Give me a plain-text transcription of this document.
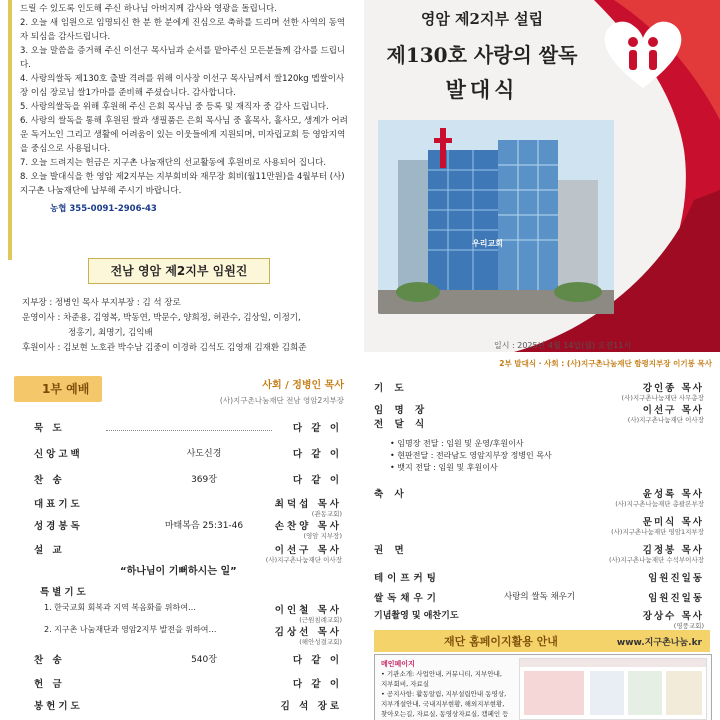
드릴 수 있도록 인도해 주신 하나님 아버지께 감사와 영광을 돌립니다.

2. 오늘 새 임원으로 임명되신 한 분 한 분에게 진심으로 축하를 드리며 선한 사역의 동역자 되심을 감사드립니다.

3. 오늘 말씀을 증거해 주신 이선구 목사님과 순서를 맡아주신 모든분들께 감사를 드립니다.

4. 사랑의쌀독 제130호 출발 격려를 위해 이사장 이선구 목사님께서 쌀120kg 멥쌀이사장 이심 장로님 쌀1가마를 준비해 주셨습니다. 감사합니다.

5. 사랑의쌀독을 위해 후원해 주신 은회 목사님 중 등록 및 재직자 중 감사 드립니다.

6. 사랑의 쌀독을 통해 후원된 쌀과 생필품은 은회 목사님 중 홀목사, 홀사모, 생계가 어려운 독거노인 그리고 생활에 어려움이 있는 이웃들에게 지원되며, 미자립교회 등 영암지역을 중심으로 사용됩니다.

7. 오늘 드려지는 헌금은 지구촌 나눔재단의 선교활동에 후원비로 사용되어 집니다.

8. 오늘 발대식을 한 영암 제2지부는 지부회비와 재무장 회비(월11만원)을 4월부터 (사)지구촌 나눔재단에 납부해 주시기 바랍니다.

농협 355-0091-2906-43

전남 영암 제2지부 임원진
지부장 : 정병인 목사 부지부장 : 김 석 장로
운영이사 : 차준용, 김영복, 박동연, 박문수, 양희정, 허관수, 김상일, 이정기,
정홍기, 최명기, 김익배
후원이사 : 김보현 노호관 박수남 김중이 이경하 김석도 김영재 김재환 김희준
영암 제2지부 설립
제130호 사랑의 쌀독
발대식
우리교회
일시 : 2025년 4월 14일(월) 오전11시
1부 예배	사회 / 정병인 목사
(사)지구촌나눔재단 전남 영암2지부장
묵 도	다 같 이
신앙고백	사도신경	다 같 이
찬 송	369장	다 같 이
대표기도	최덕섭 목사
(관동교회)
성경봉독	마태복음 25:31-46	손찬양 목사
(영암 지부장)
설 교	이선구 목사
(사)지구촌나눔재단 이사장
“하나님이 기뻐하시는 일”
특별기도
1. 한국교회 회복과 지역 복음화를 위하여…	이인철 목사
(근원침례교회)
2. 지구촌 나눔재단과 영암2지부 발전을 위하여…	김상선 목사
(해안성결교회)
찬 송	540장	다 같 이
헌 금	다 같 이
봉헌기도	김 석 장로
2부 발대식 · 사회 : (사)지구촌나눔재단 함평지부장 이기봉 목사
기 도	강인종 목사
(사)지구촌나눔재단 사무총장
임 명 장	이선구 목사
(사)지구촌나눔재단 이사장
전 달 식
• 임명장 전달 : 임원 및 운영/후원이사
• 현판전달 : 전라남도 영암지부장 정병인 목사
• 뱃지 전달 : 임원 및 후원이사
축 사	윤성록 목사
(사)지구촌나눔재단 총괄본부장
문미식 목사
(사)지구촌나눔재단 영암1지부장
권 면	김정봉 목사
(사)지구촌나눔재단 수석부이사장
테이프커팅	임원진일동
쌀독채우기	사랑의 쌀독 채우기	임원진일동
기념촬영 및 애찬기도	장상수 목사
(영풍교회)
재단 홈페이지활용 안내	www.지구촌나눔.kr
메인페이지
• 기관소개: 사업안내, 커뮤니티, 지부안내,
지부회비, 자료실
• 공지사항: 활동알림, 지부설립안내 동영상,
지부개설안내, 국내지부현황, 해외지부현황,
찾아오는길, 자료실, 동영상자료실, 캠페인 등
